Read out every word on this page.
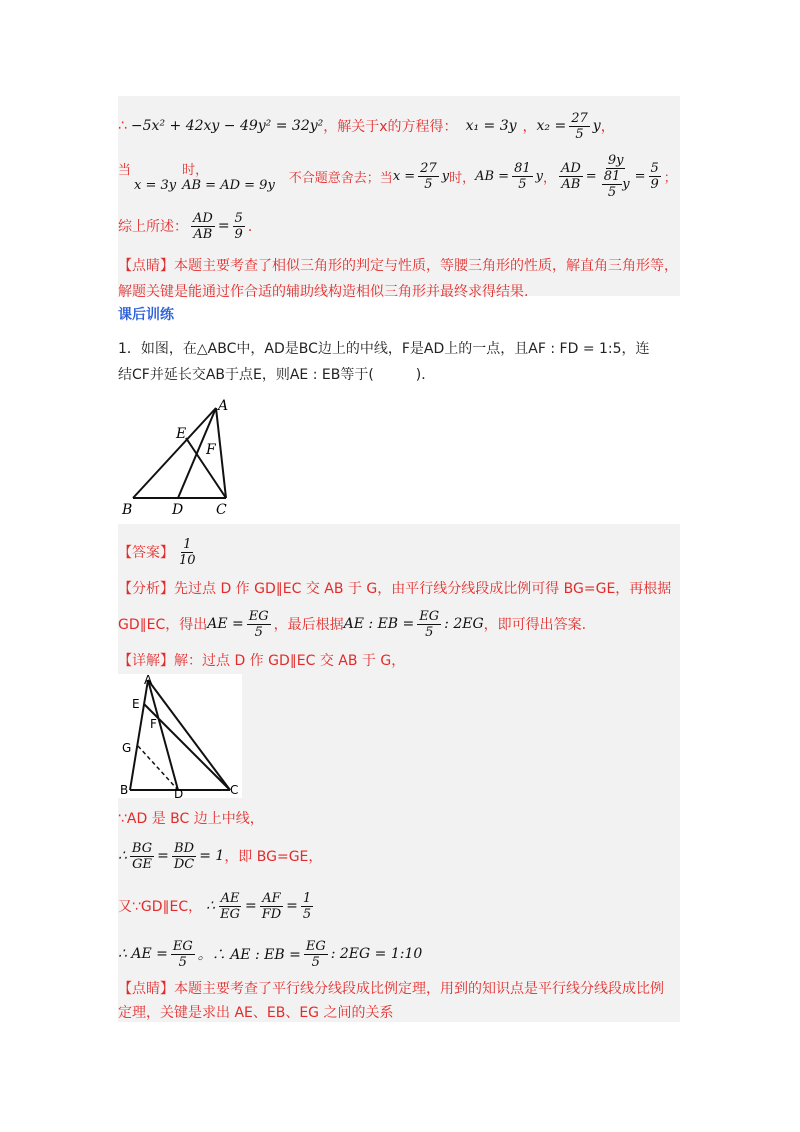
∴ −5x² + 42xy − 49y² = 32y² ，解关于x的方程得： x₁ = 3y ， $x_2 = \frac{27}{5}$ y ，
当
x = 3y
时，
AB = AD = 9y 不合题意舍去；当 $x = \frac{27}{5}$ y 时， AB = $\frac{81}{5}$ y ， $\frac{AD}{AB} = \frac{9y}{\frac{81}{5} y} = \frac{5}{9}$ ；
综上所述： $\frac{AD}{AB} = \frac{5}{9}$ ．
【点睛】本题主要考查了相似三角形的判定与性质，等腰三角形的性质，解直角三角形等，
解题关键是能通过作合适的辅助线构造相似三角形并最终求得结果.
课后训练
1．如图，在△ABC中，AD是BC边上的中线，F是AD上的一点，且AF : FD = 1:5，连
结CF并延长交AB于点E，则AE : EB等于(　　　)．
A
E
F
B	D C
【答案】 $\frac{1}{10}$
【分析】先过点 D 作 GD∥EC 交 AB 于 G，由平行线分线段成比例可得 BG=GE，再根据
GD∥EC，得出 AE = $\frac{EG}{5}$ ，最后根据 AE : EB = $\frac{EG}{5}$ : 2EG ，即可得出答案.
【详解】解：过点 D 作 GD∥EC 交 AB 于 G，
A
E
F
G
B	D	C
∵AD 是 BC 边上中线，
∴ $\frac{BG}{GE} = \frac{BD}{DC} = 1$ ，即 BG=GE，
又∵GD∥EC， ∴ $\frac{AE}{EG} = \frac{AF}{FD} = \frac{1}{5}$
∴ AE = $\frac{EG}{5}$ 。∴ AE : EB = $\frac{EG}{5}$ : 2EG = 1:10
【点睛】本题主要考查了平行线分线段成比例定理，用到的知识点是平行线分线段成比例
定理，关键是求出 AE、EB、EG 之间的关系
